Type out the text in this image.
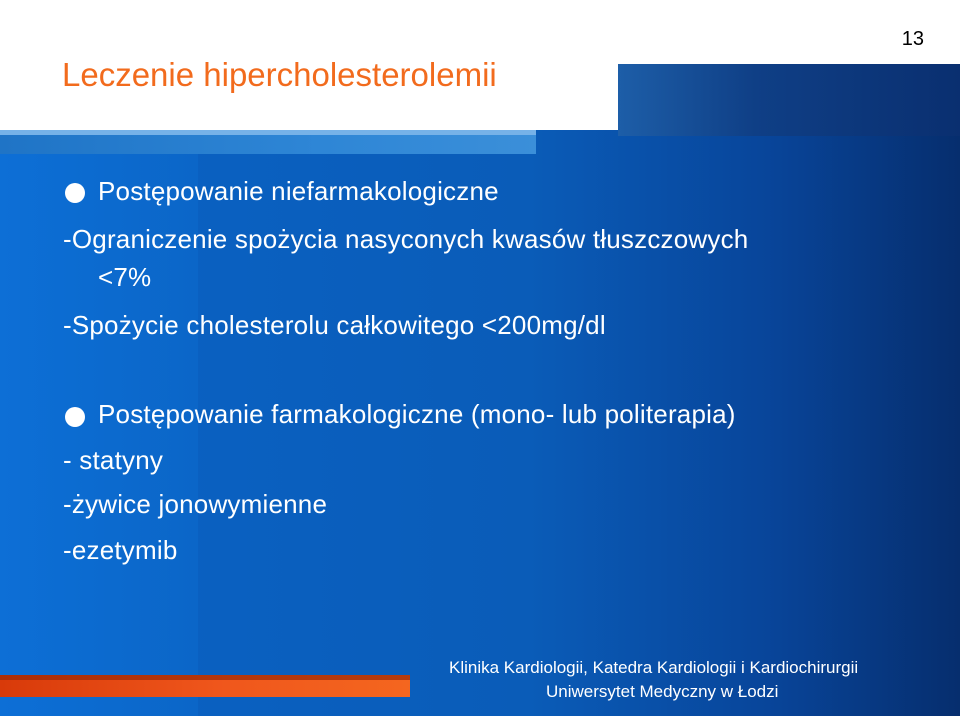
13
Leczenie hipercholesterolemii
Postępowanie niefarmakologiczne
-Ograniczenie spożycia nasyconych kwasów tłuszczowych
<7%
-Spożycie cholesterolu całkowitego <200mg/dl
Postępowanie farmakologiczne (mono- lub politerapia)
- statyny
-żywice jonowymienne
-ezetymib
Klinika Kardiologii, Katedra Kardiologii i Kardiochirurgii
Uniwersytet Medyczny w Łodzi
